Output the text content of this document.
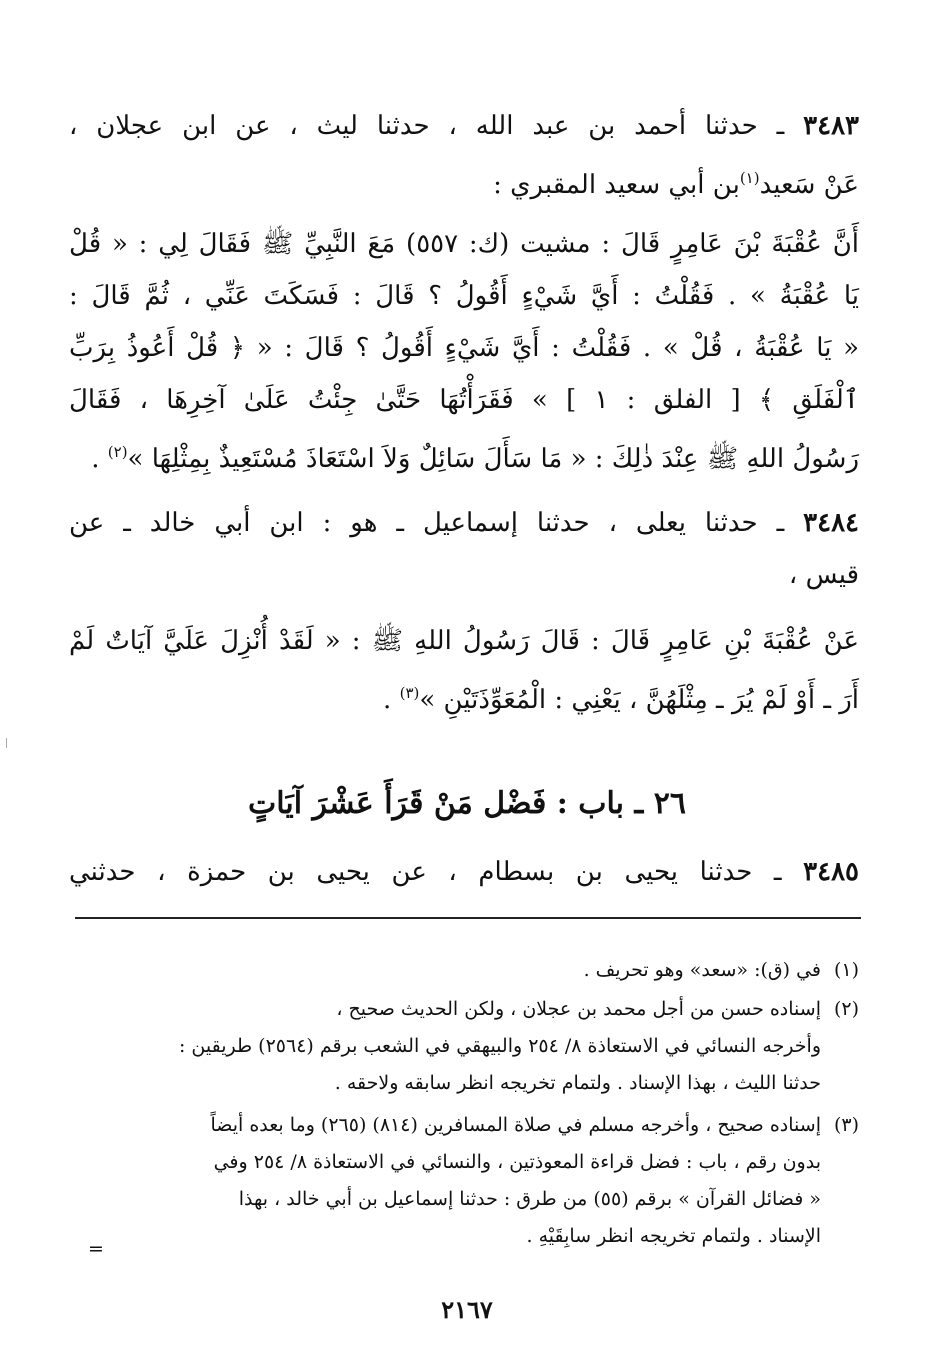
٣٤٨٣ ـ حدثنا أحمد بن عبد الله ، حدثنا ليث ، عن ابن عجلان ،
عَنْ سَعيد$^{(١)}$بن أبي سعيد المقبري :
أَنَّ عُقْبَةَ بْنَ عَامِرٍ قَالَ : مشيت (ك: ٥٥٧) مَعَ النَّبِيِّ ﷺ فَقَالَ لِي : « قُلْ
يَا عُقْبَةُ » . فَقُلْتُ : أَيَّ شَيْءٍ أَقُولُ ؟ قَالَ : فَسَكَتَ عَنِّي ، ثُمَّ قَالَ :
« يَا عُقْبَةُ ، قُلْ » . فَقُلْتُ : أَيَّ شَيْءٍ أَقُولُ ؟ قَالَ : « ﴿ قُلْ أَعُوذُ بِرَبِّ
ٱلْفَلَقِ ﴾ [ الفلق : ١ ] » فَقَرَأْتُهَا حَتَّىٰ جِئْتُ عَلَىٰ آخِرِهَا ، فَقَالَ
رَسُولُ اللهِ ﷺ عِنْدَ ذٰلِكَ : « مَا سَأَلَ سَائِلٌ وَلاَ اسْتَعَاذَ مُسْتَعِيذٌ بِمِثْلِهَا »$^{(٢)}$ .
٣٤٨٤ ـ حدثنا يعلى ، حدثنا إسماعيل ـ هو : ابن أبي خالد ـ عن
قيس ،
عَنْ عُقْبَةَ بْنِ عَامِرٍ قَالَ : قَالَ رَسُولُ اللهِ ﷺ : « لَقَدْ أُنْزِلَ عَلَيَّ آيَاتٌ لَمْ
أَرَ ـ أَوْ لَمْ يُرَ ـ مِثْلَهُنَّ ، يَعْنِي : الْمُعَوِّذَتَيْنِ »$^{(٣)}$ .
٢٦ ـ باب : فَضْل مَنْ قَرَأَ عَشْرَ آيَاتٍ
٣٤٨٥ ـ حدثنا يحيى بن بسطام ، عن يحيى بن حمزة ، حدثني
(١)في (ق): «سعد» وهو تحريف .
(٢)إسناده حسن من أجل محمد بن عجلان ، ولكن الحديث صحيح ،
وأخرجه النسائي في الاستعاذة ٨/ ٢٥٤ والبيهقي في الشعب برقم (٢٥٦٤) طريقين :
حدثنا الليث ، بهذا الإسناد . ولتمام تخريجه انظر سابقه ولاحقه .
(٣)إسناده صحيح ، وأخرجه مسلم في صلاة المسافرين (٨١٤) (٢٦٥) وما بعده أيضاً
بدون رقم ، باب : فضل قراءة المعوذتين ، والنسائي في الاستعاذة ٨/ ٢٥٤ وفي
« فضائل القرآن » برقم (٥٥) من طرق : حدثنا إسماعيل بن أبي خالد ، بهذا
الإسناد . ولتمام تخريجه انظر سابِقَيْهِ .
=
٢١٦٧
